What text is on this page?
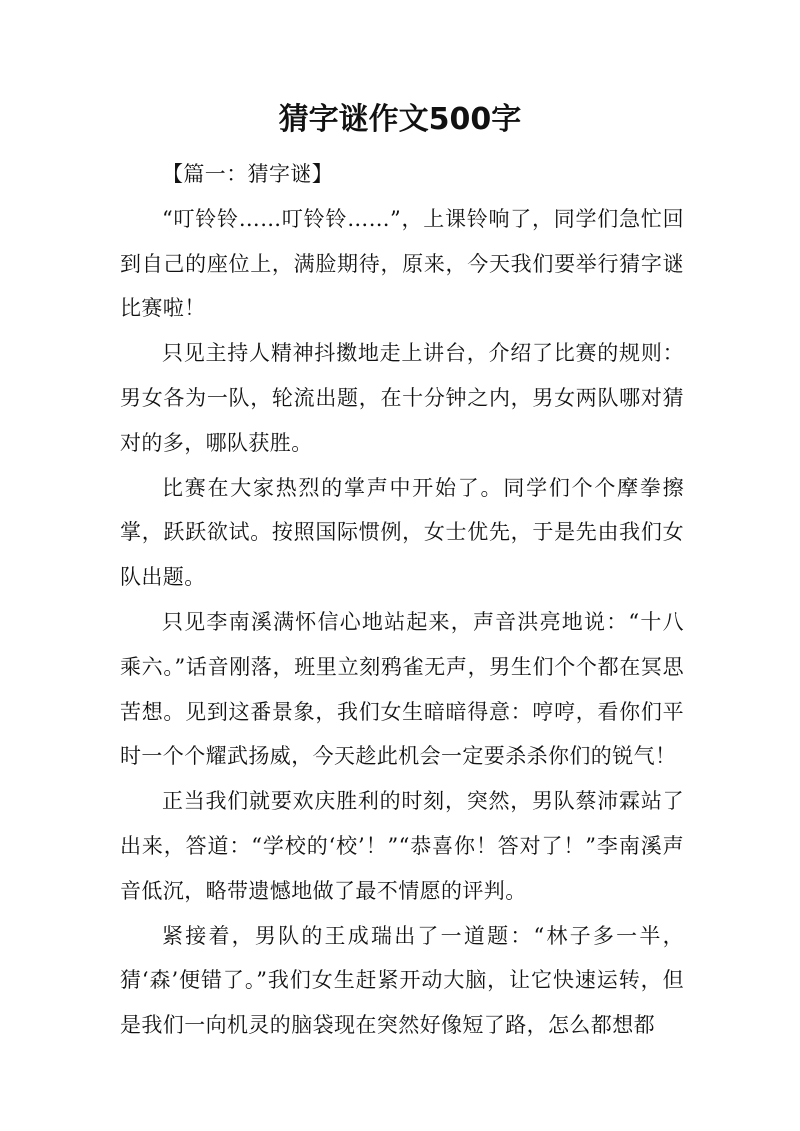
猜字谜作文500字

【篇一：猜字谜】

“叮铃铃……叮铃铃……”，上课铃响了，同学们急忙回到自己的座位上，满脸期待，原来，今天我们要举行猜字谜比赛啦！

只见主持人精神抖擞地走上讲台，介绍了比赛的规则：男女各为一队，轮流出题，在十分钟之内，男女两队哪对猜对的多，哪队获胜。

比赛在大家热烈的掌声中开始了。同学们个个摩拳擦掌，跃跃欲试。按照国际惯例，女士优先，于是先由我们女队出题。

只见李南溪满怀信心地站起来，声音洪亮地说：“十八乘六。”话音刚落，班里立刻鸦雀无声，男生们个个都在冥思苦想。见到这番景象，我们女生暗暗得意：哼哼，看你们平时一个个耀武扬威，今天趁此机会一定要杀杀你们的锐气！

正当我们就要欢庆胜利的时刻，突然，男队蔡沛霖站了出来，答道：“学校的‘校’！”“恭喜你！答对了！”李南溪声音低沉，略带遗憾地做了最不情愿的评判。

紧接着，男队的王成瑞出了一道题：“林子多一半，猜‘森’便错了。”我们女生赶紧开动大脑，让它快速运转，但是我们一向机灵的脑袋现在突然好像短了路，怎么都想都
